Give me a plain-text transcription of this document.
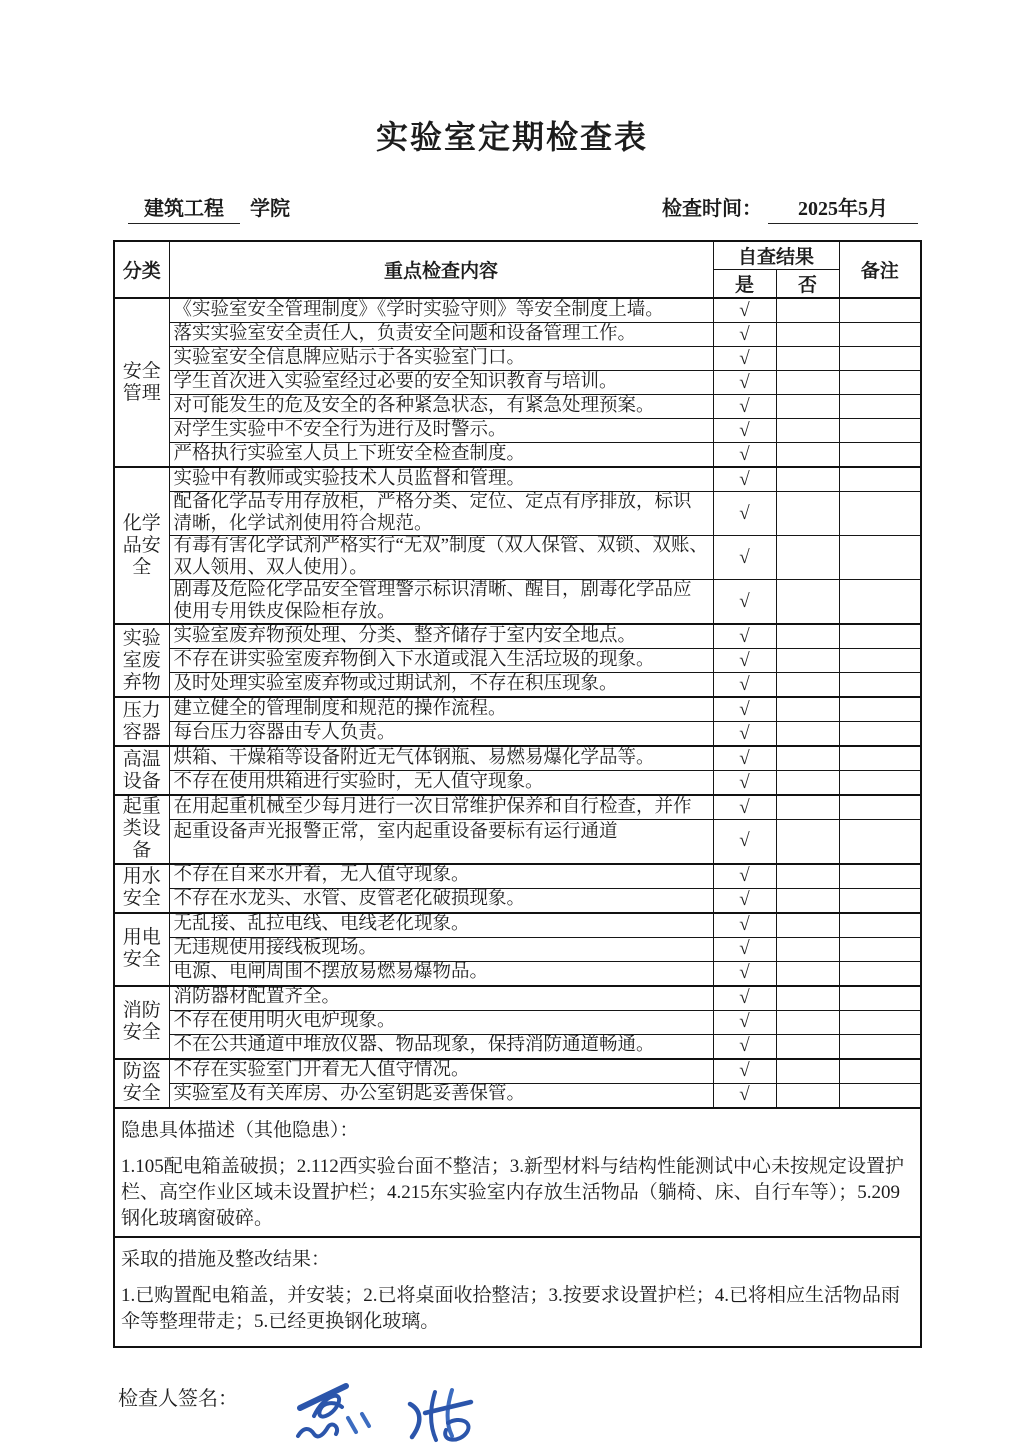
实验室定期检查表
建筑工程 学院	检查时间： 2025年5月
分类	重点检查内容	自查结果		备注
		是	否	
安全管理	《实验室安全管理制度》《学时实验守则》等安全制度上墙。	√		
	落实实验室安全责任人，负责安全问题和设备管理工作。	√		
	实验室安全信息牌应贴示于各实验室门口。	√		
	学生首次进入实验室经过必要的安全知识教育与培训。	√		
	对可能发生的危及安全的各种紧急状态，有紧急处理预案。	√		
	对学生实验中不安全行为进行及时警示。	√		
	严格执行实验室人员上下班安全检查制度。	√		
化学品安全	实验中有教师或实验技术人员监督和管理。	√		
	配备化学品专用存放柜，严格分类、定位、定点有序排放，标识清晰，化学试剂使用符合规范。	√		
	有毒有害化学试剂严格实行“无双”制度（双人保管、双锁、双账、双人领用、双人使用）。	√		
	剧毒及危险化学品安全管理警示标识清晰、醒目，剧毒化学品应使用专用铁皮保险柜存放。	√		
实验室废弃物	实验室废弃物预处理、分类、整齐储存于室内安全地点。	√		
	不存在讲实验室废弃物倒入下水道或混入生活垃圾的现象。	√		
	及时处理实验室废弃物或过期试剂，不存在积压现象。	√		
压力容器	建立健全的管理制度和规范的操作流程。	√		
	每台压力容器由专人负责。	√		
高温设备	烘箱、干燥箱等设备附近无气体钢瓶、易燃易爆化学品等。	√		
	不存在使用烘箱进行实验时，无人值守现象。	√		
起重类设备	在用起重机械至少每月进行一次日常维护保养和自行检查，并作	√		
	起重设备声光报警正常，室内起重设备要标有运行通道	√		
用水安全	不存在自来水开着，无人值守现象。	√		
	不存在水龙头、水管、皮管老化破损现象。	√		
用电安全	无乱接、乱拉电线、电线老化现象。	√		
	无违规使用接线板现场。	√		
	电源、电闸周围不摆放易燃易爆物品。	√		
消防安全	消防器材配置齐全。	√		
	不存在使用明火电炉现象。	√		
	不在公共通道中堆放仪器、物品现象，保持消防通道畅通。	√		
防盗安全	不存在实验室门开着无人值守情况。	√		
	实验室及有关库房、办公室钥匙妥善保管。	√		

隐患具体描述（其他隐患）：
1.105配电箱盖破损；2.112西实验台面不整洁；3.新型材料与结构性能测试中心未按规定设置护栏、高空作业区域未设置护栏；4.215东实验室内存放生活物品（躺椅、床、自行车等）；5.209钢化玻璃窗破碎。				

采取的措施及整改结果：
1.已购置配电箱盖，并安装；2.已将桌面收拾整洁；3.按要求设置护栏；4.已将相应生活物品雨伞等整理带走；5.已经更换钢化玻璃。				
检查人签名：
